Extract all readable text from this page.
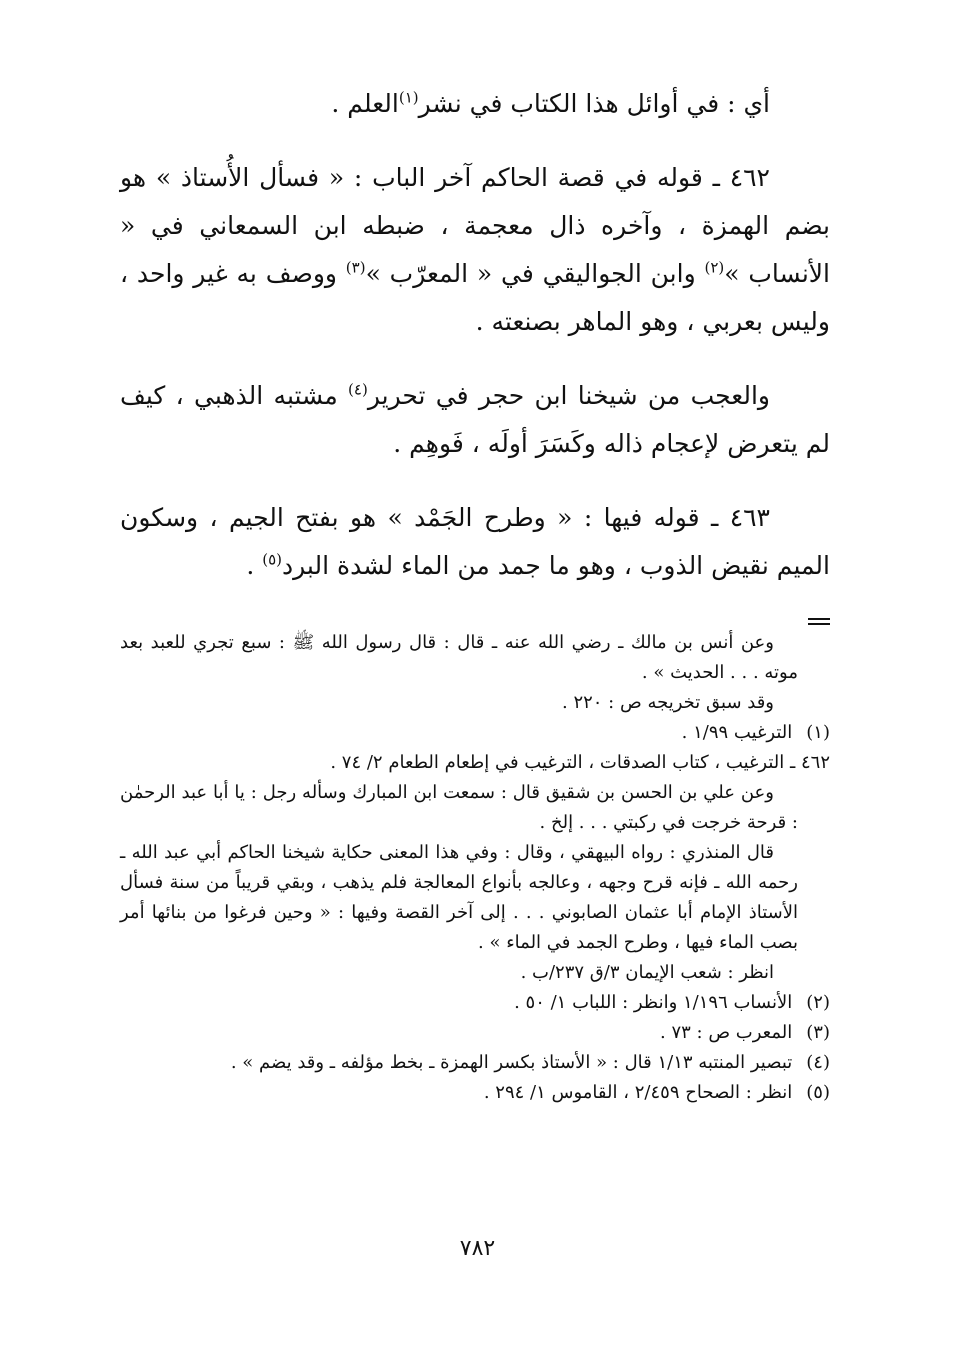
أي : في أوائل هذا الكتاب في نشر$^{(١)}$العلم .

٤٦٢ ـ قوله في قصة الحاكم آخر الباب : « فسأل الأُستاذ » هو بضم الهمزة ، وآخره ذال معجمة ، ضبطه ابن السمعاني في « الأنساب »$^{(٢)}$ وابن الجواليقي في « المعرّب »$^{(٣)}$ ووصف به غير واحد ، وليس بعربي ، وهو الماهر بصنعته .

والعجب من شيخنا ابن حجر في تحرير$^{(٤)}$ مشتبه الذهبي ، كيف لم يتعرض لإعجام ذاله وكَسَرَ أولَه ، فَوهِم .

٤٦٣ ـ قوله فيها : « وطرح الجَمْد » هو بفتح الجيم ، وسكون الميم نقيض الذوب ، وهو ما جمد من الماء لشدة البرد$^{(٥)}$ .

وعن أنس بن مالك ـ رضي الله عنه ـ قال : قال رسول الله ﷺ : سبع تجري للعبد بعد موته . . . الحديث » .

وقد سبق تخريجه ص : ٢٢٠ .

(١) الترغيب ١/٩٩ .

٤٦٢ ـ الترغيب ، كتاب الصدقات ، الترغيب في إطعام الطعام ٢/ ٧٤ .

وعن علي بن الحسن بن شقيق قال : سمعت ابن المبارك وسأله رجل : يا أبا عبد الرحمٰن : قرحة خرجت في ركبتي . . . إلخ .

قال المنذري : رواه البيهقي ، وقال : وفي هذا المعنى حكاية شيخنا الحاكم أبي عبد الله ـ رحمه الله ـ فإنه قرح وجهه ، وعالجه بأنواع المعالجة فلم يذهب ، وبقي قريباً من سنة فسأل الأستاذ الإمام أبا عثمان الصابوني . . . إلى آخر القصة وفيها : « وحين فرغوا من بنائها أمر بصب الماء فيها ، وطرح الجمد في الماء » .

انظر : شعب الإيمان ٣/ق ٢٣٧/ب .

(٢) الأنساب ١/١٩٦ وانظر : اللباب ١/ ٥٠ .

(٣) المعرب ص : ٧٣ .

(٤) تبصير المنتبه ١/١٣ قال : « الأستاذ بكسر الهمزة ـ بخط مؤلفه ـ وقد يضم » .

(٥) انظر : الصحاح ٢/٤٥٩ ، القاموس ١/ ٢٩٤ .

٧٨٢
